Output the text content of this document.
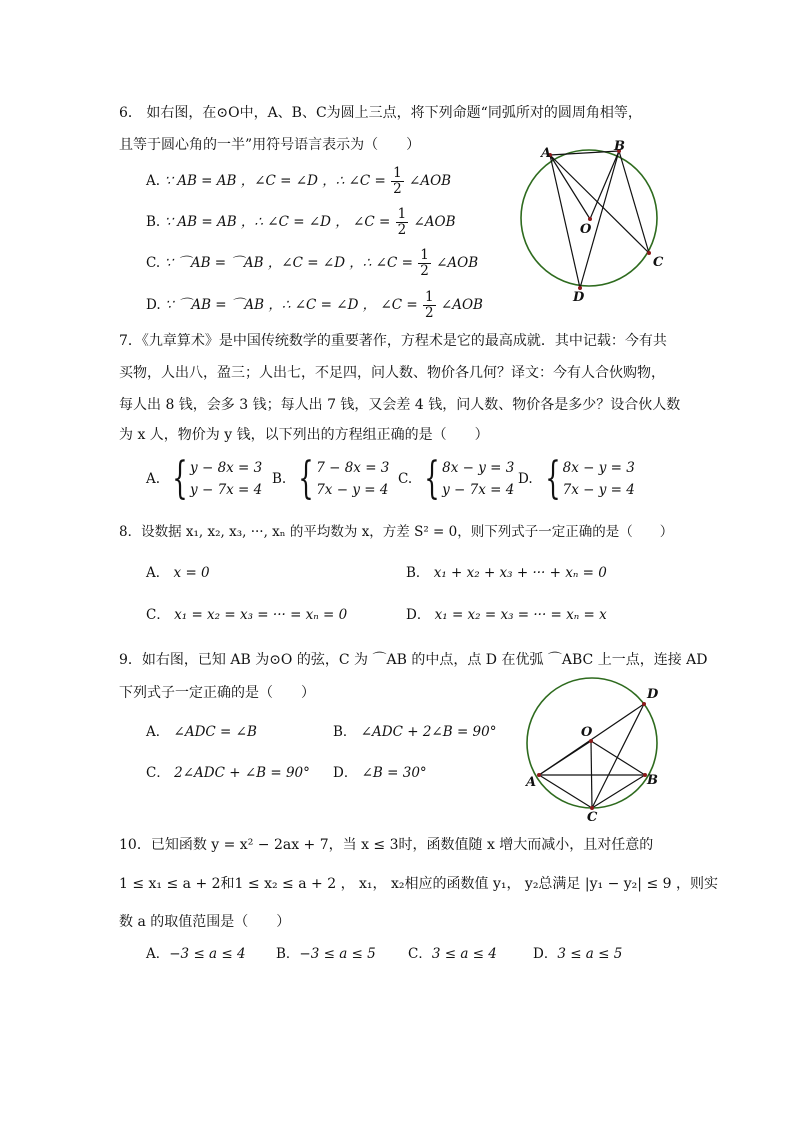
6． 如右图，在⊙O中，A、B、C为圆上三点，将下列命题“同弧所对的圆周角相等，
且等于圆心角的一半”用符号语言表示为（　　）
A. ∵ AB = AB ，∠C = ∠D ，∴ ∠C = $\frac{1}{2}$ ∠AOB
B. ∵ AB = AB ，∴ ∠C = ∠D ， ∠C = $\frac{1}{2}$ ∠AOB
C. ∵ ⌒AB = ⌒AB ，∠C = ∠D ，∴ ∠C = $\frac{1}{2}$ ∠AOB
D. ∵ ⌒AB = ⌒AB ，∴ ∠C = ∠D ， ∠C = $\frac{1}{2}$ ∠AOB
A	B
O
C
D
7．《九章算术》是中国传统数学的重要著作，方程术是它的最高成就．其中记载：今有共
买物，人出八，盈三；人出七，不足四，问人数、物价各几何？译文：今有人合伙购物，
每人出 8 钱，会多 3 钱；每人出 7 钱，又会差 4 钱，问人数、物价各是多少？设合伙人数
为 x 人，物价为 y 钱，以下列出的方程组正确的是（　　）
A. { y − 8x = 3
y − 7x = 4
B. { 7 − 8x = 3
7x − y = 4
C. { 8x − y = 3
y − 7x = 4
D. { 8x − y = 3
7x − y = 4
8．设数据 x₁, x₂, x₃, ···, xₙ 的平均数为 x，方差 S² = 0，则下列式子一定正确的是（　　）
A． x = 0	B． x₁ + x₂ + x₃ + ··· + xₙ = 0
C． x₁ = x₂ = x₃ = ··· = xₙ = 0	D． x₁ = x₂ = x₃ = ··· = xₙ = x
9．如右图，已知 AB 为⊙O 的弦，C 为 ⌒AB 的中点，点 D 在优弧 ⌒ABC 上一点，连接 AD
下列式子一定正确的是（　　）
A． ∠ADC = ∠B	B． ∠ADC + 2∠B = 90°
C． 2∠ADC + ∠B = 90° D． ∠B = 30°
D
O
A	B
C
10．已知函数 y = x² − 2ax + 7，当 x ≤ 3时，函数值随 x 增大而减小，且对任意的
1 ≤ x₁ ≤ a + 2和1 ≤ x₂ ≤ a + 2 ， x₁， x₂相应的函数值 y₁， y₂总满足 |y₁ − y₂| ≤ 9 ，则实
数 a 的取值范围是（　　）
A．−3 ≤ a ≤ 4 B．−3 ≤ a ≤ 5 C．3 ≤ a ≤ 4	D．3 ≤ a ≤ 5
